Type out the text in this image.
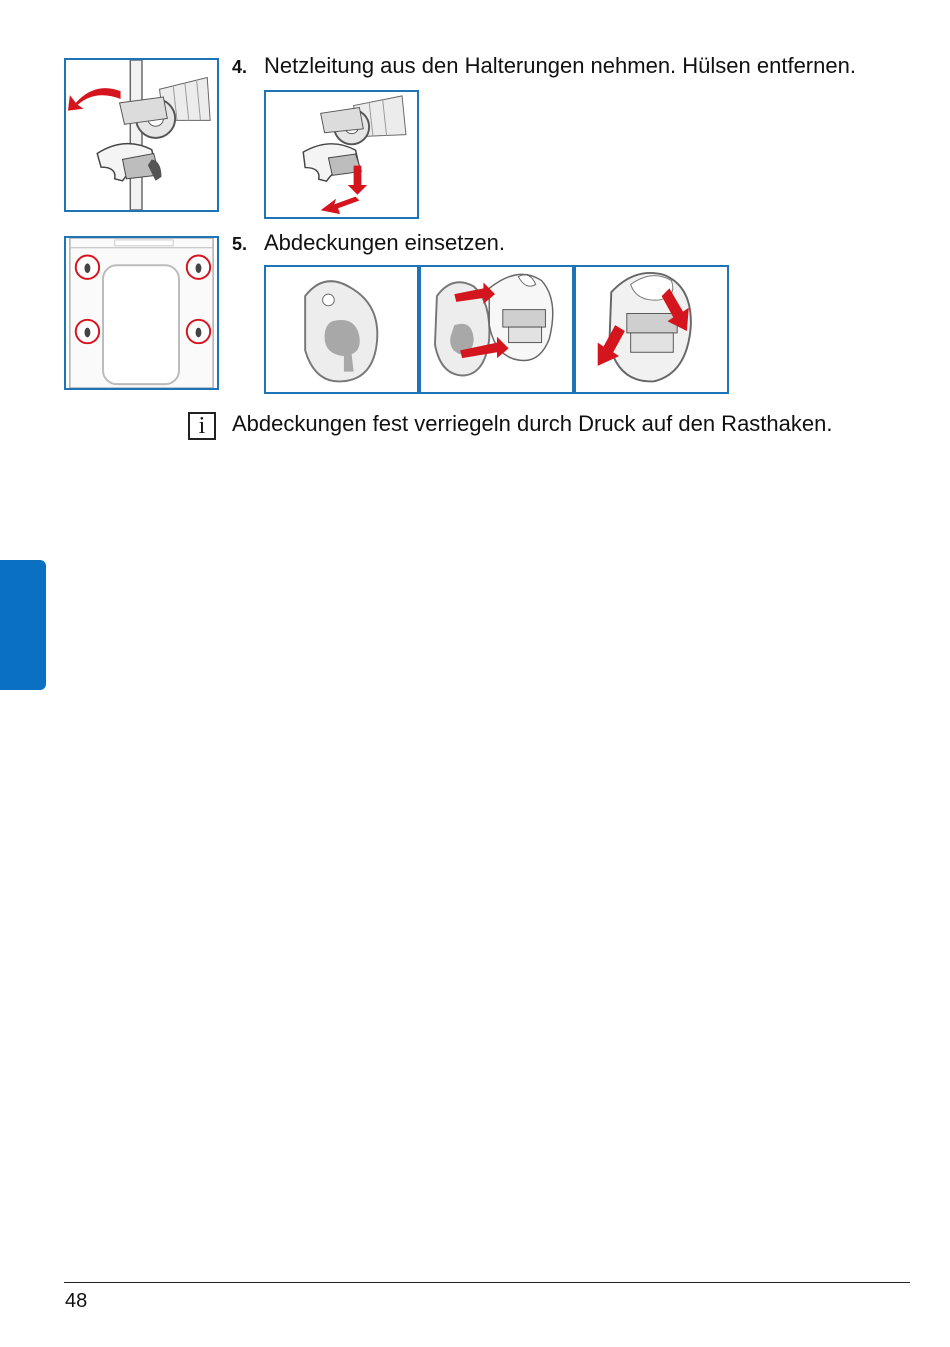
4. Netzleitung aus den Halterungen nehmen. Hülsen entfernen.
5. Abdeckungen einsetzen.
i	Abdeckungen fest verriegeln durch Druck auf den Rasthaken.
48
